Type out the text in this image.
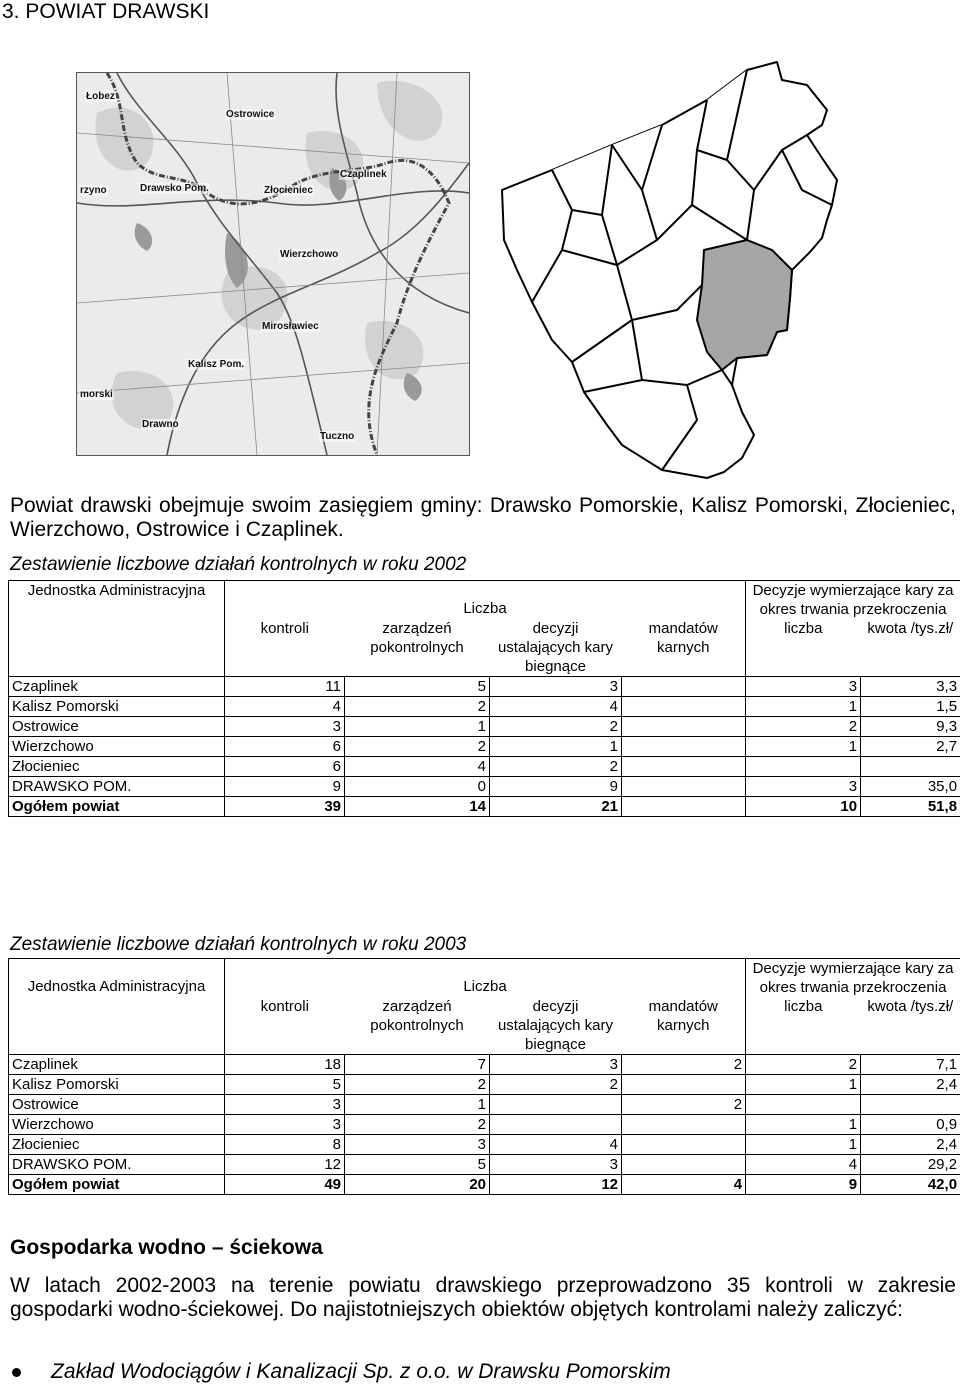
3. POWIAT DRAWSKI
Łobez
Ostrowice
Czaplinek
Drawsko Pom.	Złocieniec
Wierzchowo
Mirosławiec
Kalisz Pom.
Drawno
Tuczno
rzyno
morski
Powiat drawski obejmuje swoim zasięgiem gminy: Drawsko Pomorskie, Kalisz Pomorski, Złocieniec, Wierzchowo, Ostrowice i Czaplinek.
Zestawienie liczbowe działań kontrolnych w roku 2002
Jednostka Administracyjna	Liczba				Decyzje wymierzające kary za okres trwania przekroczenia	
	kontroli	zarządzeń pokontrolnych	decyzji ustalających kary biegnące	mandatów karnych	liczba	kwota /tys.zł/
Czaplinek	11	5	3		3	3,3
Kalisz Pomorski	4	2	4		1	1,5
Ostrowice	3	1	2		2	9,3
Wierzchowo	6	2	1		1	2,7
Złocieniec	6	4	2			
DRAWSKO POM.	9	0	9		3	35,0
Ogółem powiat	39	14	21		10	51,8
Zestawienie liczbowe działań kontrolnych w roku 2003
Jednostka Administracyjna	Liczba				Decyzje wymierzające kary za okres trwania przekroczenia	
	kontroli	zarządzeń pokontrolnych	decyzji ustalających kary biegnące	mandatów karnych	liczba	kwota /tys.zł/
Czaplinek	18	7	3	2	2	7,1
Kalisz Pomorski	5	2	2		1	2,4
Ostrowice	3	1		2		
Wierzchowo	3	2			1	0,9
Złocieniec	8	3	4		1	2,4
DRAWSKO POM.	12	5	3		4	29,2
Ogółem powiat	49	20	12	4	9	42,0
Gospodarka wodno – ściekowa
W latach 2002-2003 na terenie powiatu drawskiego przeprowadzono 35 kontroli w zakresie gospodarki wodno-ściekowej. Do najistotniejszych obiektów objętych kontrolami należy zaliczyć:
Zakład Wodociągów i Kanalizacji Sp. z o.o. w Drawsku Pomorskim
